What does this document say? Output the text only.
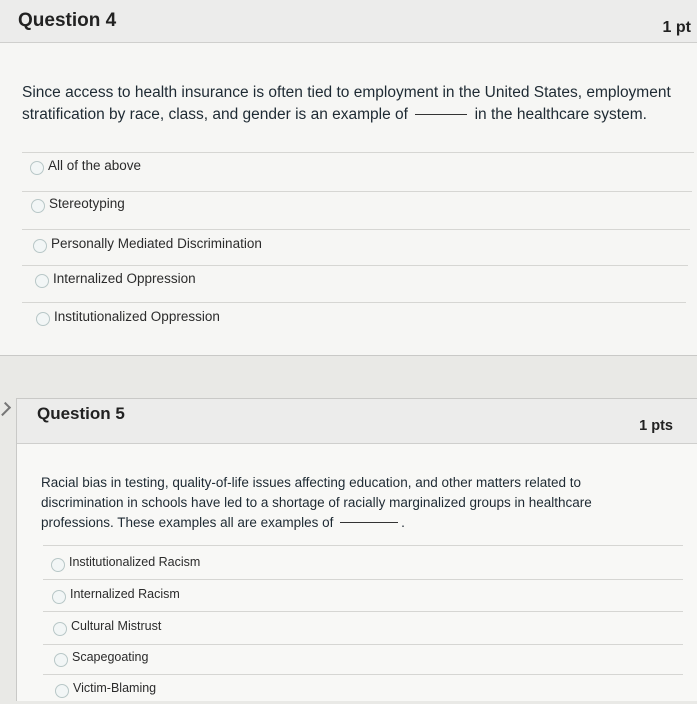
Question 4	1 pt
Since access to health insurance is often tied to employment in the United States, employment stratification by race, class, and gender is an example of	in the healthcare system.
All of the above
Stereotyping
Personally Mediated Discrimination
Internalized Oppression
Institutionalized Oppression
Question 5
1 pts
Racial bias in testing, quality-of-life issues affecting education, and other matters related to discrimination in schools have led to a shortage of racially marginalized groups in healthcare professions. These examples all are examples of	.
Institutionalized Racism
Internalized Racism
Cultural Mistrust
Scapegoating
Victim-Blaming
